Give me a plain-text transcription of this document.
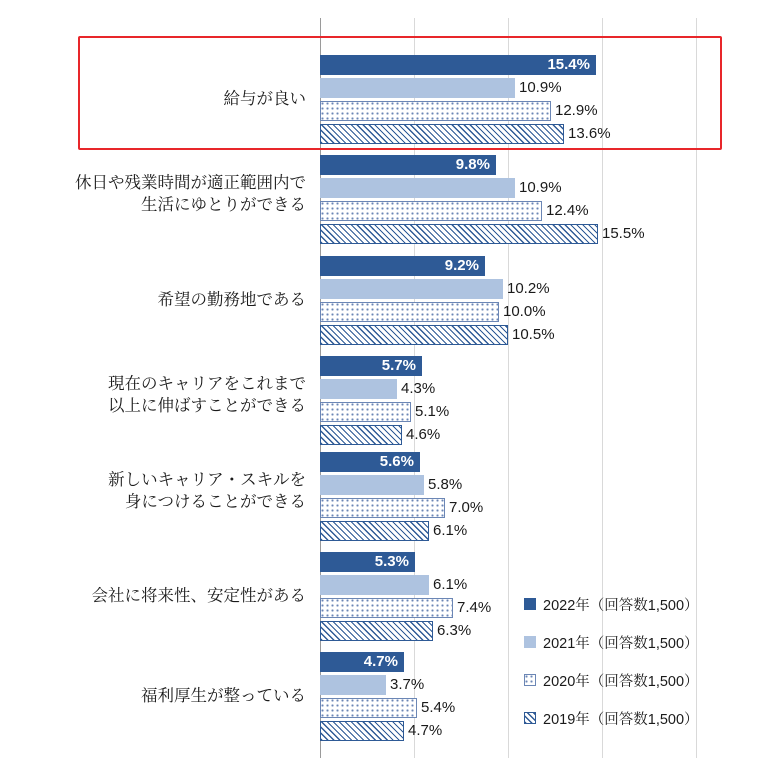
給与が良い
15.4%
10.9%
12.9%
13.6%
休日や残業時間が適正範囲内で
生活にゆとりができる
9.8%
10.9%
12.4%
15.5%
希望の勤務地である
9.2%
10.2%
10.0%
10.5%
現在のキャリアをこれまで
以上に伸ばすことができる
5.7%
4.3%
5.1%
4.6%
新しいキャリア・スキルを
身につけることができる
5.6%
5.8%
7.0%
6.1%
会社に将来性、安定性がある
5.3%
6.1%
7.4%
6.3%
福利厚生が整っている
4.7%
3.7%
5.4%
4.7%
2022年（回答数1,500）
2021年（回答数1,500）
2020年（回答数1,500）
2019年（回答数1,500）
